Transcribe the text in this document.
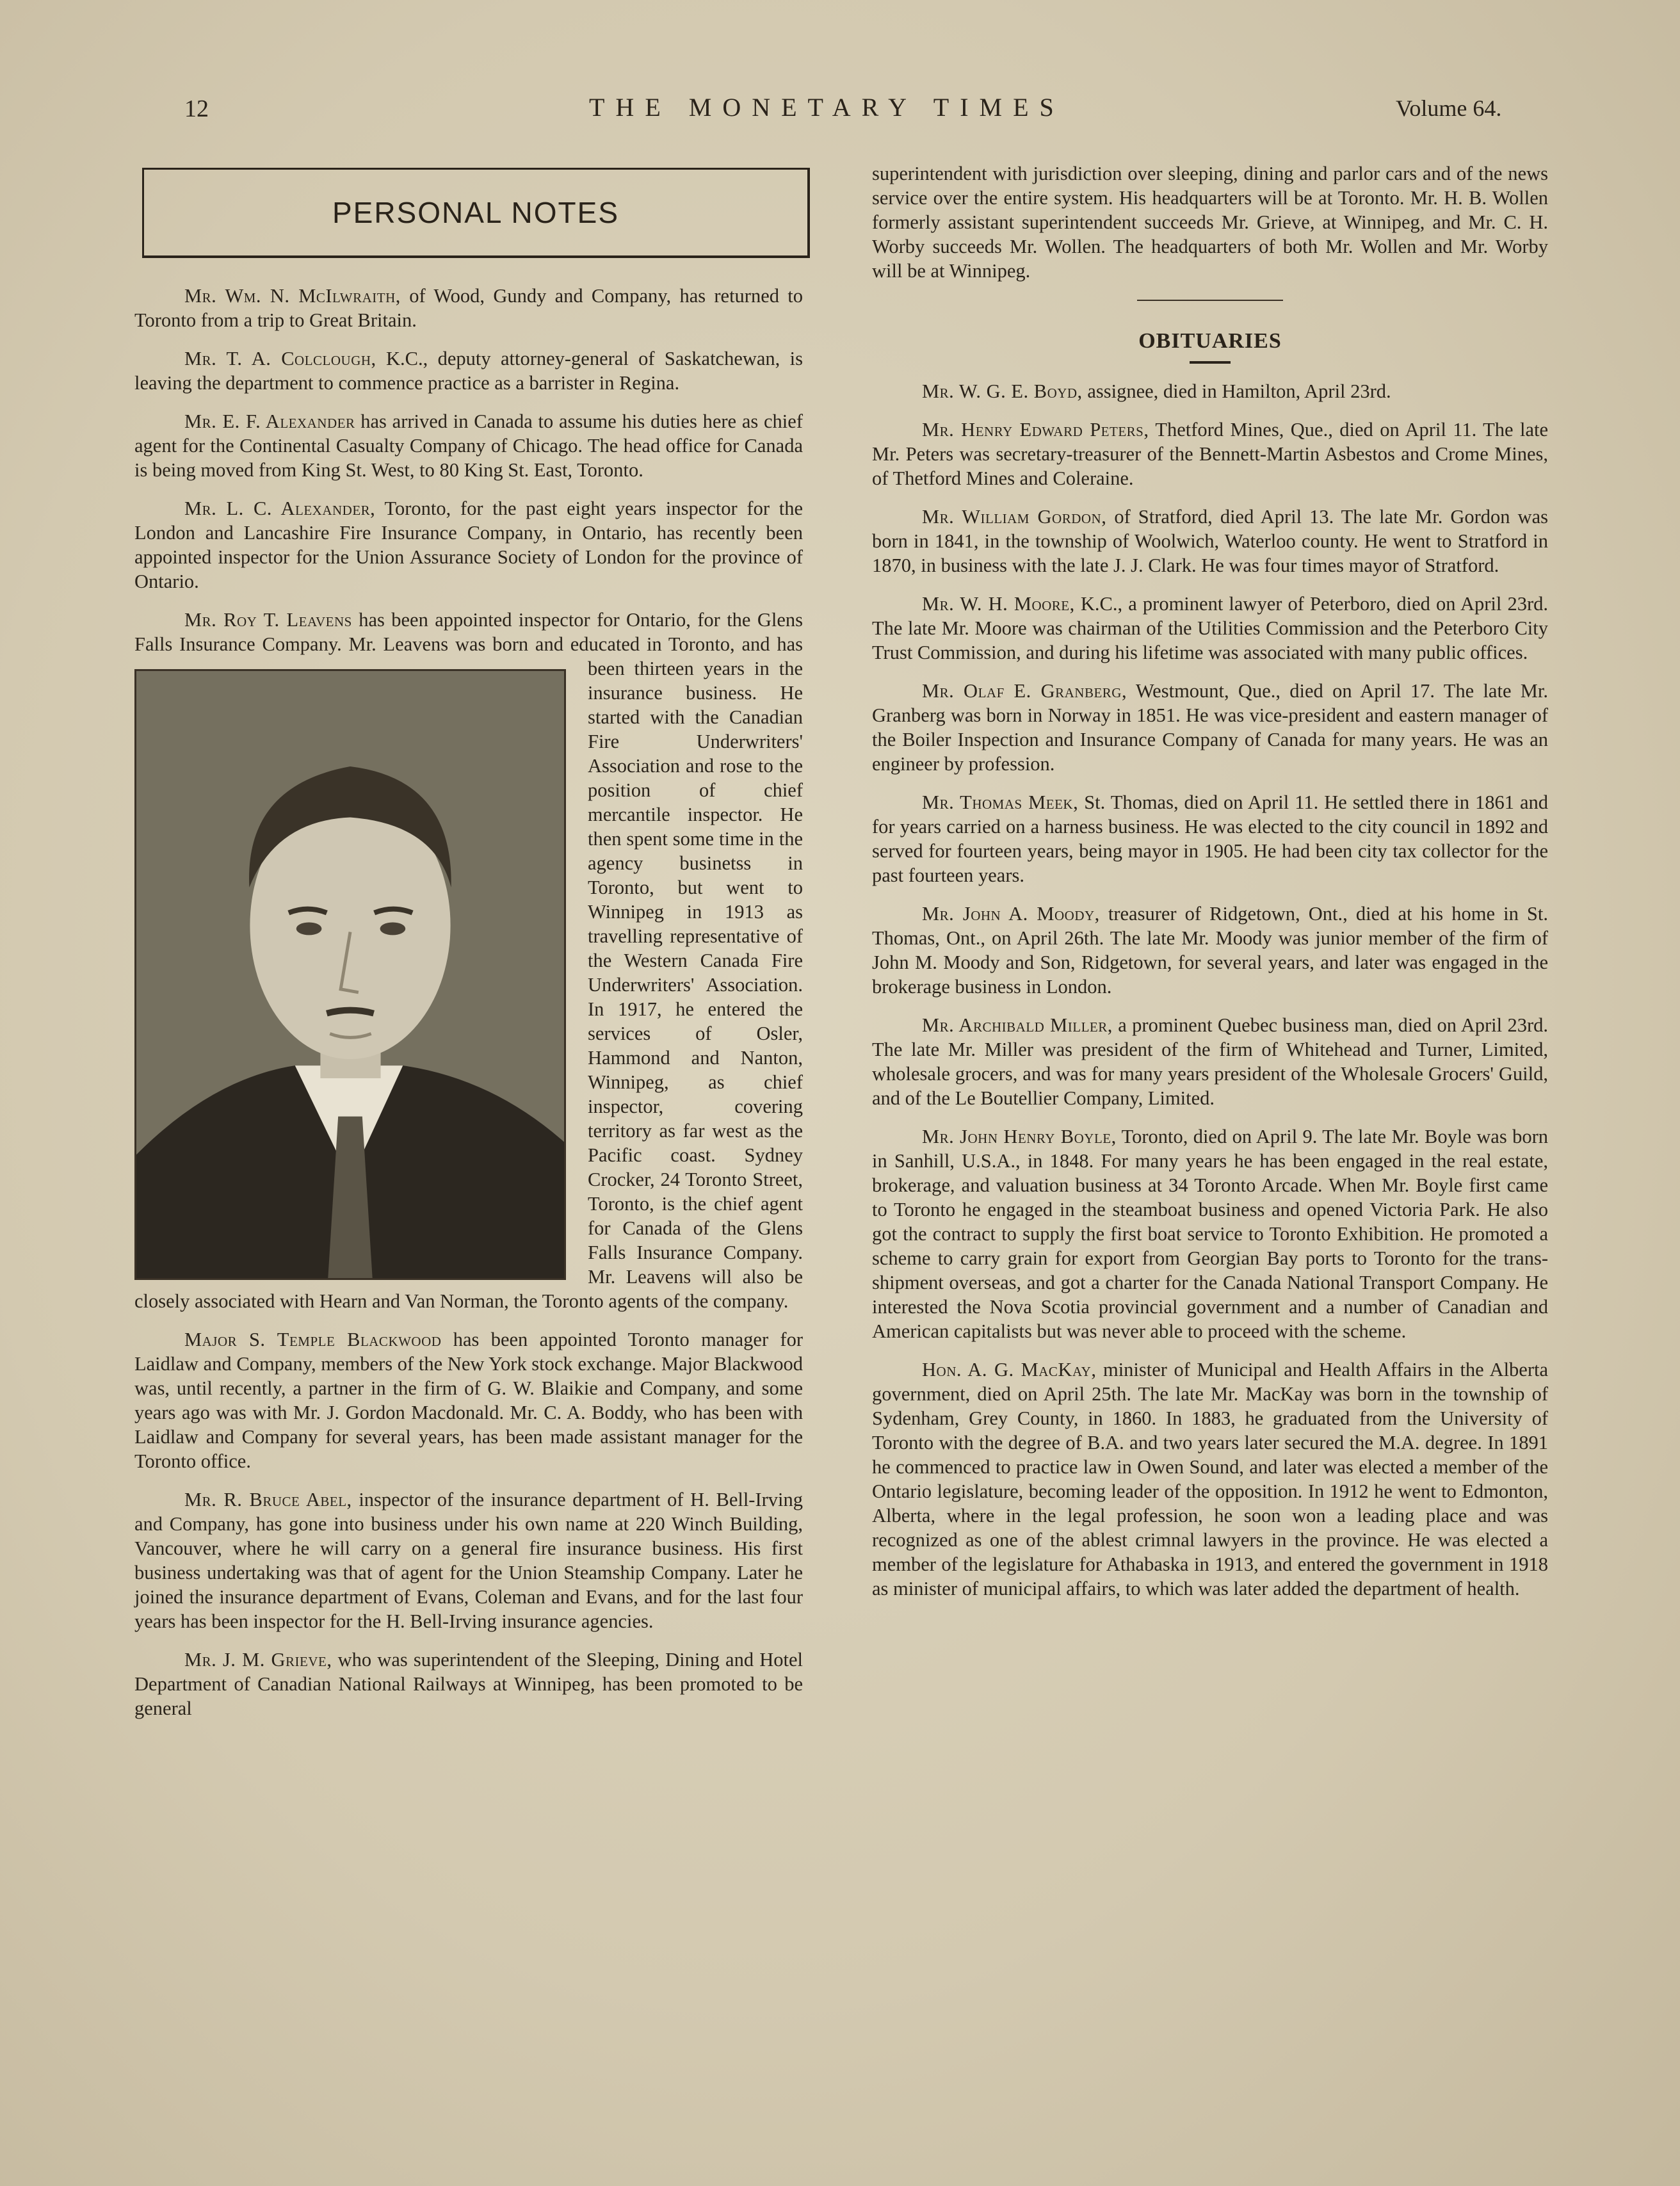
12	THE MONETARY TIMES	Volume 64.
PERSONAL NOTES

Mr. Wm. N. McIlwraith, of Wood, Gundy and Company, has returned to Toronto from a trip to Great Britain.

Mr. T. A. Colclough, K.C., deputy attorney-general of Saskatchewan, is leaving the department to commence practice as a barrister in Regina.

Mr. E. F. Alexander has arrived in Canada to assume his duties here as chief agent for the Continental Casualty Company of Chicago. The head office for Canada is being moved from King St. West, to 80 King St. East, Toronto.

Mr. L. C. Alexander, Toronto, for the past eight years inspector for the London and Lancashire Fire Insurance Company, in Ontario, has recently been appointed inspector for the Union Assurance Society of London for the province of Ontario.

Mr. Roy T. Leavens has been appointed inspector for Ontario, for the Glens Falls Insurance Company. Mr.
Leavens was born and educated in Toronto, and has been thirteen years in the insurance business. He started with the Canadian Fire Underwriters' Association and rose to the position of chief mercantile inspector. He then spent some time in the agency businetss in Toronto, but went to Winnipeg in 1913 as travelling representative of the Western Canada Fire Underwriters' Association. In 1917, he entered the services of Osler, Hammond and Nanton, Winnipeg, as chief inspector, covering territory as far west as the Pacific coast. Sydney Crocker, 24 Toronto Street, Toronto, is the chief agent for Canada of the Glens Falls Insurance Company. Mr. Leavens will also be closely associated with Hearn and Van Norman, the Toronto agents of the company.

Major S. Temple Blackwood has been appointed Toronto manager for Laidlaw and Company, members of the New York stock exchange. Major Blackwood was, until recently, a partner in the firm of G. W. Blaikie and Company, and some years ago was with Mr. J. Gordon Macdonald. Mr. C. A. Boddy, who has been with Laidlaw and Company for several years, has been made assistant manager for the Toronto office.

Mr. R. Bruce Abel, inspector of the insurance department of H. Bell-Irving and Company, has gone into business under his own name at 220 Winch Building, Vancouver, where he will carry on a general fire insurance business. His first business undertaking was that of agent for the Union Steamship Company. Later he joined the insurance department of Evans, Coleman and Evans, and for the last four years has been inspector for the H. Bell-Irving insurance agencies.

Mr. J. M. Grieve, who was superintendent of the Sleeping, Dining and Hotel Department of Canadian National Railways at Winnipeg, has been promoted to be general

superintendent with jurisdiction over sleeping, dining and parlor cars and of the news service over the entire system. His headquarters will be at Toronto. Mr. H. B. Wollen formerly assistant superintendent succeeds Mr. Grieve, at Winnipeg, and Mr. C. H. Worby succeeds Mr. Wollen. The headquarters of both Mr. Wollen and Mr. Worby will be at Winnipeg.

OBITUARIES

Mr. W. G. E. Boyd, assignee, died in Hamilton, April 23rd.

Mr. Henry Edward Peters, Thetford Mines, Que., died on April 11. The late Mr. Peters was secretary-treasurer of the Bennett-Martin Asbestos and Crome Mines, of Thetford Mines and Coleraine.

Mr. William Gordon, of Stratford, died April 13. The late Mr. Gordon was born in 1841, in the township of Woolwich, Waterloo county. He went to Stratford in 1870, in business with the late J. J. Clark. He was four times mayor of Stratford.

Mr. W. H. Moore, K.C., a prominent lawyer of Peterboro, died on April 23rd. The late Mr. Moore was chairman of the Utilities Commission and the Peterboro City Trust Commission, and during his lifetime was associated with many public offices.

Mr. Olaf E. Granberg, Westmount, Que., died on April 17. The late Mr. Granberg was born in Norway in 1851. He was vice-president and eastern manager of the Boiler Inspection and Insurance Company of Canada for many years. He was an engineer by profession.

Mr. Thomas Meek, St. Thomas, died on April 11. He settled there in 1861 and for years carried on a harness business. He was elected to the city council in 1892 and served for fourteen years, being mayor in 1905. He had been city tax collector for the past fourteen years.

Mr. John A. Moody, treasurer of Ridgetown, Ont., died at his home in St. Thomas, Ont., on April 26th. The late Mr. Moody was junior member of the firm of John M. Moody and Son, Ridgetown, for several years, and later was engaged in the brokerage business in London.

Mr. Archibald Miller, a prominent Quebec business man, died on April 23rd. The late Mr. Miller was president of the firm of Whitehead and Turner, Limited, wholesale grocers, and was for many years president of the Wholesale Grocers' Guild, and of the Le Boutellier Company, Limited.

Mr. John Henry Boyle, Toronto, died on April 9. The late Mr. Boyle was born in Sanhill, U.S.A., in 1848. For many years he has been engaged in the real estate, brokerage, and valuation business at 34 Toronto Arcade. When Mr. Boyle first came to Toronto he engaged in the steamboat business and opened Victoria Park. He also got the contract to supply the first boat service to Toronto Exhibition. He promoted a scheme to carry grain for export from Georgian Bay ports to Toronto for the trans-shipment overseas, and got a charter for the Canada National Transport Company. He interested the Nova Scotia provincial government and a number of Canadian and American capitalists but was never able to proceed with the scheme.

Hon. A. G. MacKay, minister of Municipal and Health Affairs in the Alberta government, died on April 25th. The late Mr. MacKay was born in the township of Sydenham, Grey County, in 1860. In 1883, he graduated from the University of Toronto with the degree of B.A. and two years later secured the M.A. degree. In 1891 he commenced to practice law in Owen Sound, and later was elected a member of the Ontario legislature, becoming leader of the opposition. In 1912 he went to Edmonton, Alberta, where in the legal profession, he soon won a leading place and was recognized as one of the ablest crimnal lawyers in the province. He was elected a member of the legislature for Athabaska in 1913, and entered the government in 1918 as minister of municipal affairs, to which was later added the department of health.
